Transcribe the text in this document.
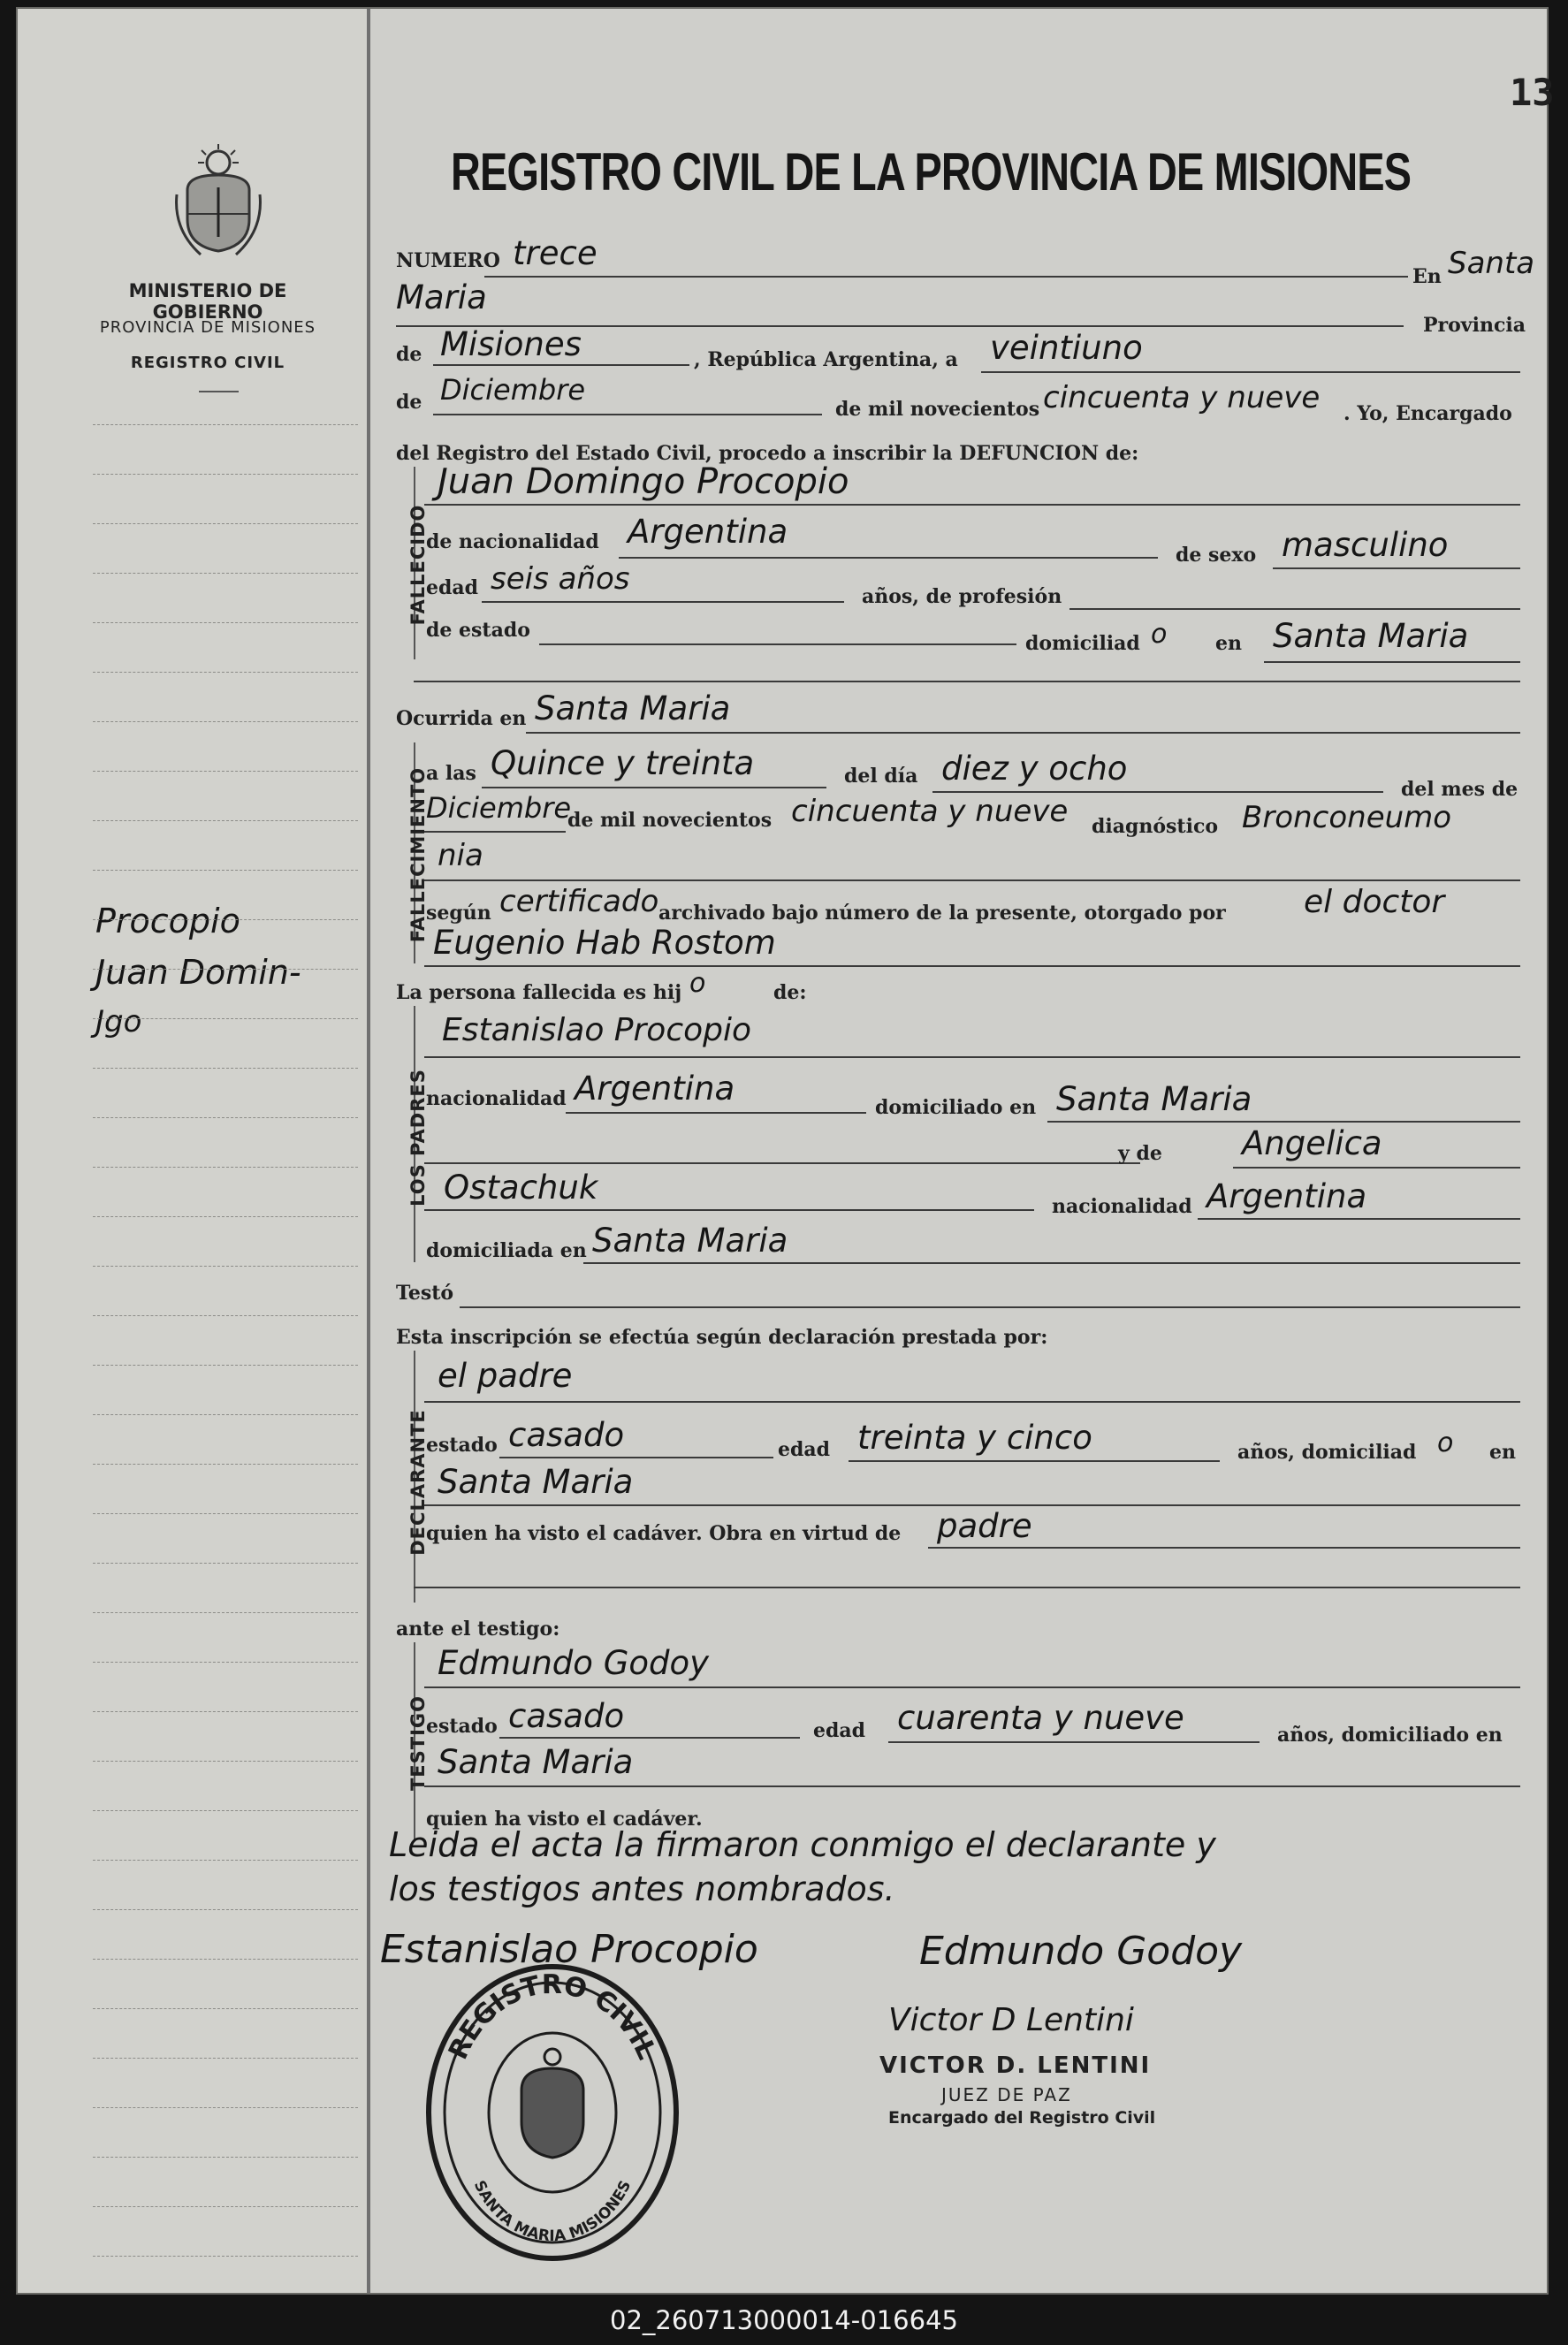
MINISTERIO DE GOBIERNO
PROVINCIA DE MISIONES
REGISTRO CIVIL
Procopio
Juan Domin-
Jgo
13
REGISTRO CIVIL DE LA PROVINCIA DE MISIONES
NUMERO trece
En Santa
Maria
Provincia
de Misiones	, República Argentina, a veintiuno
de Diciembre
de mil novecientos cincuenta y nueve . Yo, Encargado
del Registro del Estado Civil, procedo a inscribir la DEFUNCION de:
FALLECIDO
Juan Domingo Procopio
de nacionalidad Argentina
de sexo masculino
edad seis años	años, de profesión
de estado
domiciliad o en Santa Maria
Ocurrida en Santa Maria
FALLECIMIENTO
a las Quince y treinta	del día diez y ocho
del mes de
Diciembre
de mil novecientos cincuenta y nueve diagnóstico Bronconeumo
nia
según certificado archivado bajo número de la presente, otorgado por el doctor
Eugenio Hab Rostom
La persona fallecida es hij o	de:
LOS PADRES
Estanislao Procopio
nacionalidad Argentina	domiciliado en Santa Maria
y de Angelica
Ostachuk	nacionalidad Argentina
domiciliada en Santa Maria
Testó
Esta inscripción se efectúa según declaración prestada por:
DECLARANTE
el padre
estado casado	edad treinta y cinco	años, domiciliad o en
Santa Maria
quien ha visto el cadáver. Obra en virtud de padre
ante el testigo:
TESTIGO
Edmundo Godoy
estado casado	edad cuarenta y nueve	años, domiciliado en
Santa Maria
quien ha visto el cadáver.
Leida el acta la firmaron conmigo el declarante y
los testigos antes nombrados.
Estanislao Procopio	Edmundo Godoy
REGISTRO CIVIL
SANTA MARIA MISIONES
Victor D Lentini
VICTOR D. LENTINI
JUEZ DE PAZ
Encargado del Registro Civil
02_260713000014-016645
